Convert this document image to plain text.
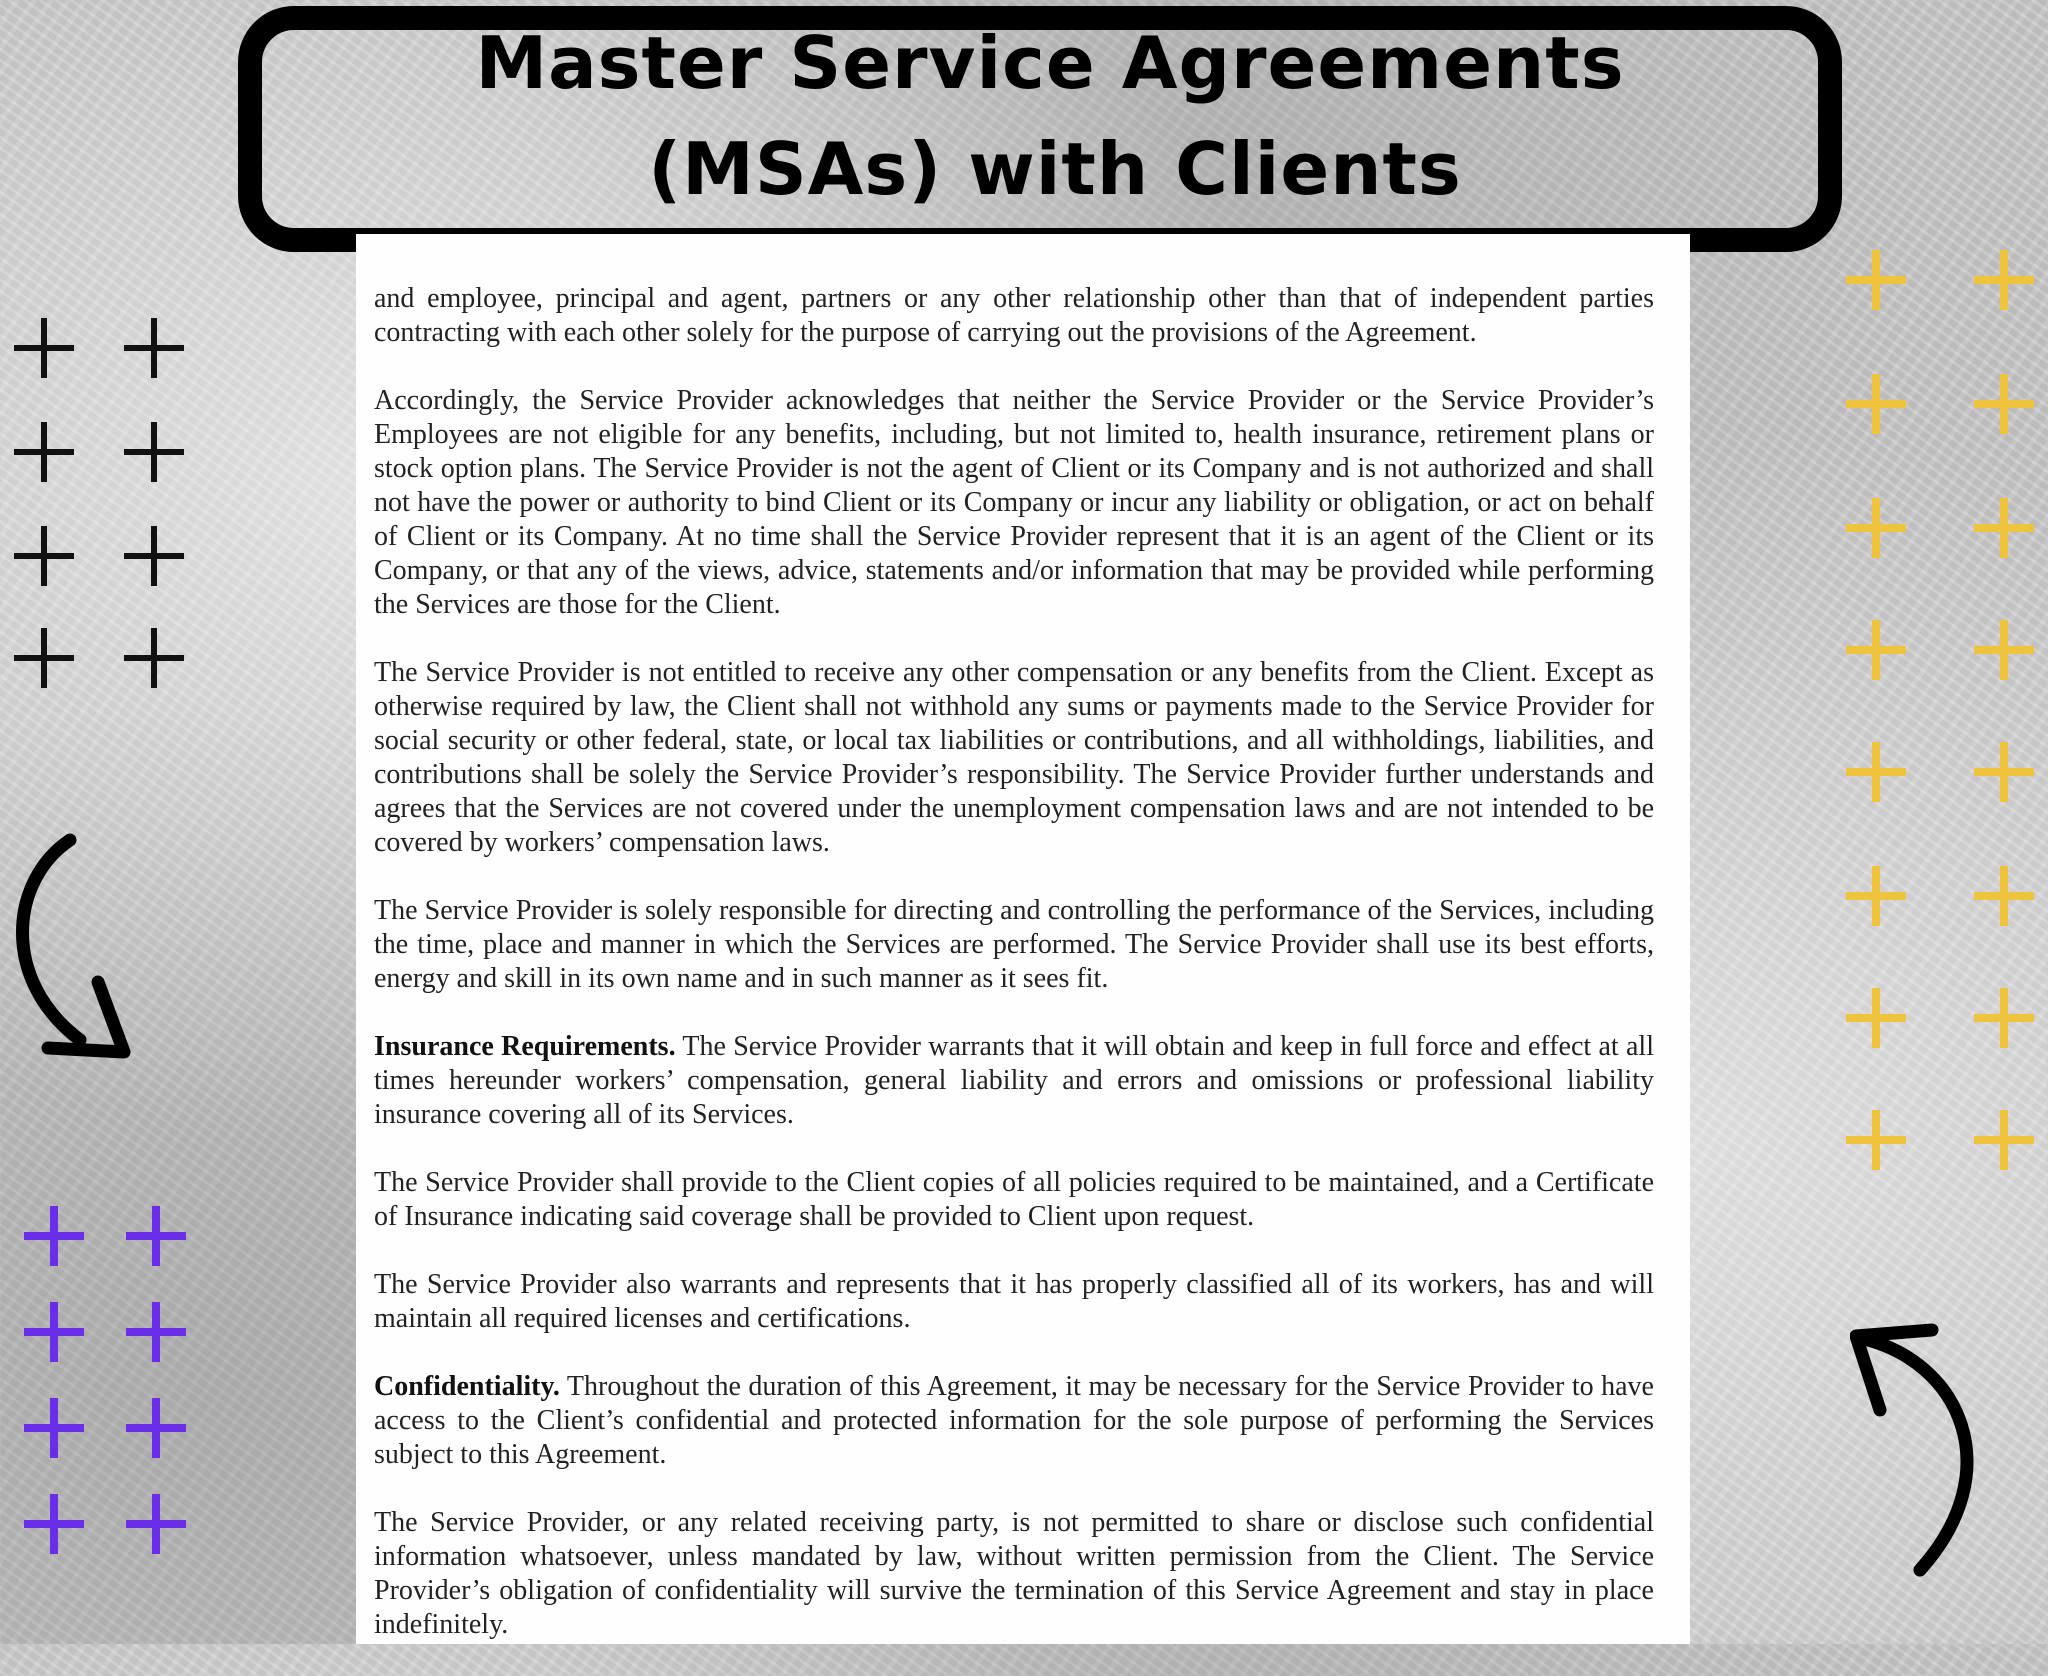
Master Service Agreements
(MSAs) with Clients

and employee, principal and agent, partners or any other relationship other than that of independent parties contracting with each other solely for the purpose of carrying out the provisions of the Agreement.

Accordingly, the Service Provider acknowledges that neither the Service Provider or the Service Provider’s Employees are not eligible for any benefits, including, but not limited to, health insurance, retirement plans or stock option plans. The Service Provider is not the agent of Client or its Company and is not authorized and shall not have the power or authority to bind Client or its Company or incur any liability or obligation, or act on behalf of Client or its Company. At no time shall the Service Provider represent that it is an agent of the Client or its Company, or that any of the views, advice, statements and/or information that may be provided while performing the Services are those for the Client.

The Service Provider is not entitled to receive any other compensation or any benefits from the Client. Except as otherwise required by law, the Client shall not withhold any sums or payments made to the Service Provider for social security or other federal, state, or local tax liabilities or contributions, and all withholdings, liabilities, and contributions shall be solely the Service Provider’s responsibility. The Service Provider further understands and agrees that the Services are not covered under the unemployment compensation laws and are not intended to be covered by workers’ compensation laws.

The Service Provider is solely responsible for directing and controlling the performance of the Services, including the time, place and manner in which the Services are performed. The Service Provider shall use its best efforts, energy and skill in its own name and in such manner as it sees fit.

Insurance Requirements. The Service Provider warrants that it will obtain and keep in full force and effect at all times hereunder workers’ compensation, general liability and errors and omissions or professional liability insurance covering all of its Services.

The Service Provider shall provide to the Client copies of all policies required to be maintained, and a Certificate of Insurance indicating said coverage shall be provided to Client upon request.

The Service Provider also warrants and represents that it has properly classified all of its workers, has and will maintain all required licenses and certifications.

Confidentiality. Throughout the duration of this Agreement, it may be necessary for the Service Provider to have access to the Client’s confidential and protected information for the sole purpose of performing the Services subject to this Agreement.

The Service Provider, or any related receiving party, is not permitted to share or disclose such confidential information whatsoever, unless mandated by law, without written permission from the Client. The Service Provider’s obligation of confidentiality will survive the termination of this Service Agreement and stay in place indefinitely.
